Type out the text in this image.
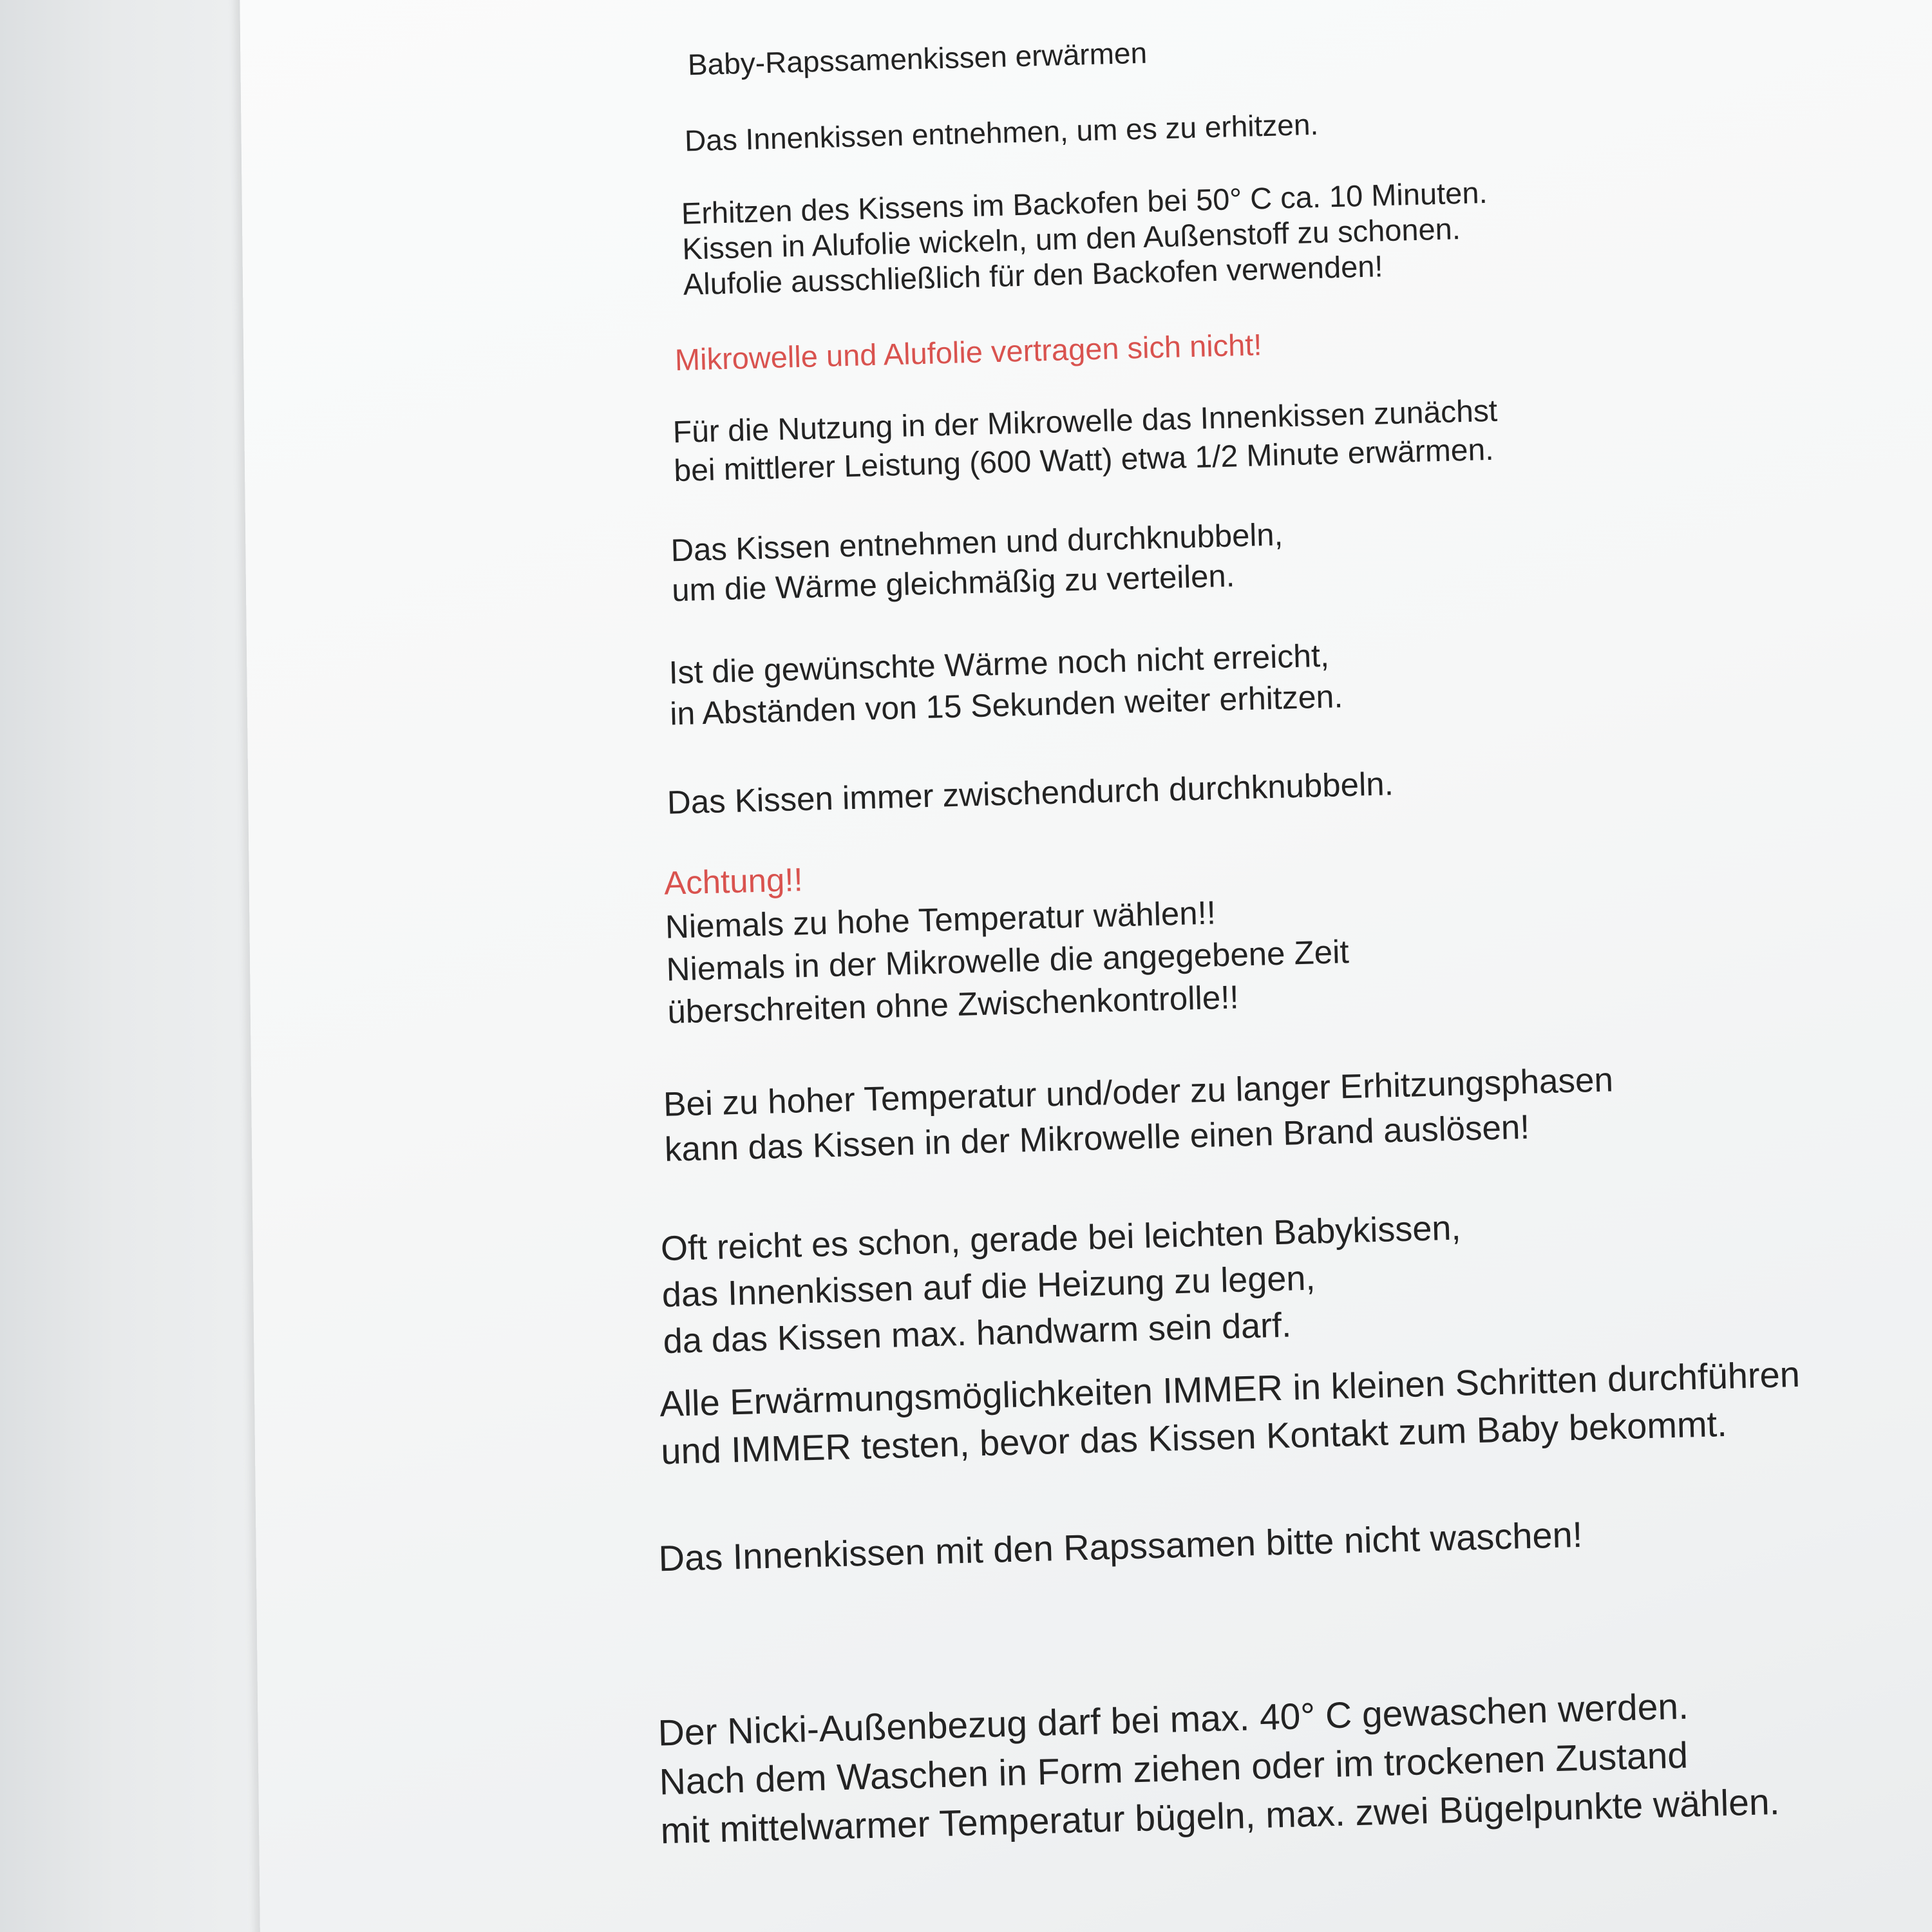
Baby-Rapssamenkissen erwärmen

Das Innenkissen entnehmen, um es zu erhitzen.

Erhitzen des Kissens im Backofen bei 50° C ca. 10 Minuten.
Kissen in Alufolie wickeln, um den Außenstoff zu schonen.
Alufolie ausschließlich für den Backofen verwenden!

Mikrowelle und Alufolie vertragen sich nicht!

Für die Nutzung in der Mikrowelle das Innenkissen zunächst
bei mittlerer Leistung (600 Watt) etwa 1/2 Minute erwärmen.

Das Kissen entnehmen und durchknubbeln,
um die Wärme gleichmäßig zu verteilen.

Ist die gewünschte Wärme noch nicht erreicht,
in Abständen von 15 Sekunden weiter erhitzen.

Das Kissen immer zwischendurch durchknubbeln.

Achtung!!

Niemals zu hohe Temperatur wählen!!
Niemals in der Mikrowelle die angegebene Zeit
überschreiten ohne Zwischenkontrolle!!

Bei zu hoher Temperatur und/oder zu langer Erhitzungsphasen
kann das Kissen in der Mikrowelle einen Brand auslösen!

Oft reicht es schon, gerade bei leichten Babykissen,
das Innenkissen auf die Heizung zu legen,
da das Kissen max. handwarm sein darf.

Alle Erwärmungsmöglichkeiten IMMER in kleinen Schritten durchführen
und IMMER testen, bevor das Kissen Kontakt zum Baby bekommt.

Das Innenkissen mit den Rapssamen bitte nicht waschen!

Der Nicki-Außenbezug darf bei max. 40° C gewaschen werden.
Nach dem Waschen in Form ziehen oder im trockenen Zustand
mit mittelwarmer Temperatur bügeln, max. zwei Bügelpunkte wählen.
